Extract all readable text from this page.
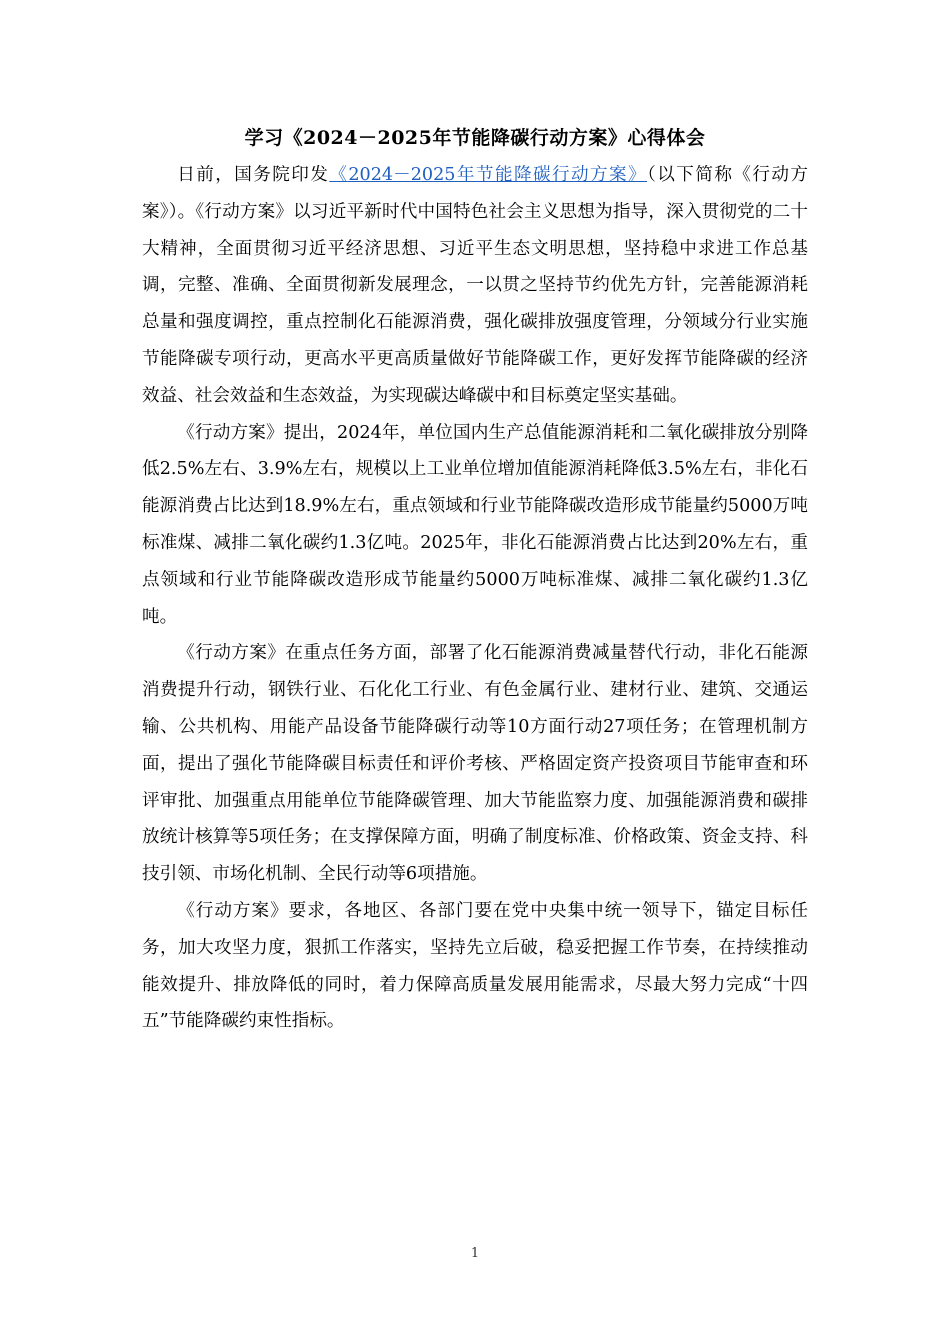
学习《2024－2025年节能降碳行动方案》心得体会

日前，国务院印发《2024－2025年节能降碳行动方案》（以下简称《行动方案》）。《行动方案》以习近平新时代中国特色社会主义思想为指导，深入贯彻党的二十大精神，全面贯彻习近平经济思想、习近平生态文明思想，坚持稳中求进工作总基调，完整、准确、全面贯彻新发展理念，一以贯之坚持节约优先方针，完善能源消耗总量和强度调控，重点控制化石能源消费，强化碳排放强度管理，分领域分行业实施节能降碳专项行动，更高水平更高质量做好节能降碳工作，更好发挥节能降碳的经济效益、社会效益和生态效益，为实现碳达峰碳中和目标奠定坚实基础。

《行动方案》提出，2024年，单位国内生产总值能源消耗和二氧化碳排放分别降低2.5%左右、3.9%左右，规模以上工业单位增加值能源消耗降低3.5%左右，非化石能源消费占比达到18.9%左右，重点领域和行业节能降碳改造形成节能量约5000万吨标准煤、减排二氧化碳约1.3亿吨。2025年，非化石能源消费占比达到20%左右，重点领域和行业节能降碳改造形成节能量约5000万吨标准煤、减排二氧化碳约1.3亿吨。

《行动方案》在重点任务方面，部署了化石能源消费减量替代行动，非化石能源消费提升行动，钢铁行业、石化化工行业、有色金属行业、建材行业、建筑、交通运输、公共机构、用能产品设备节能降碳行动等10方面行动27项任务；在管理机制方面，提出了强化节能降碳目标责任和评价考核、严格固定资产投资项目节能审查和环评审批、加强重点用能单位节能降碳管理、加大节能监察力度、加强能源消费和碳排放统计核算等5项任务；在支撑保障方面，明确了制度标准、价格政策、资金支持、科技引领、市场化机制、全民行动等6项措施。

《行动方案》要求，各地区、各部门要在党中央集中统一领导下，锚定目标任务，加大攻坚力度，狠抓工作落实，坚持先立后破，稳妥把握工作节奏，在持续推动能效提升、排放降低的同时，着力保障高质量发展用能需求，尽最大努力完成“十四五”节能降碳约束性指标。

1
